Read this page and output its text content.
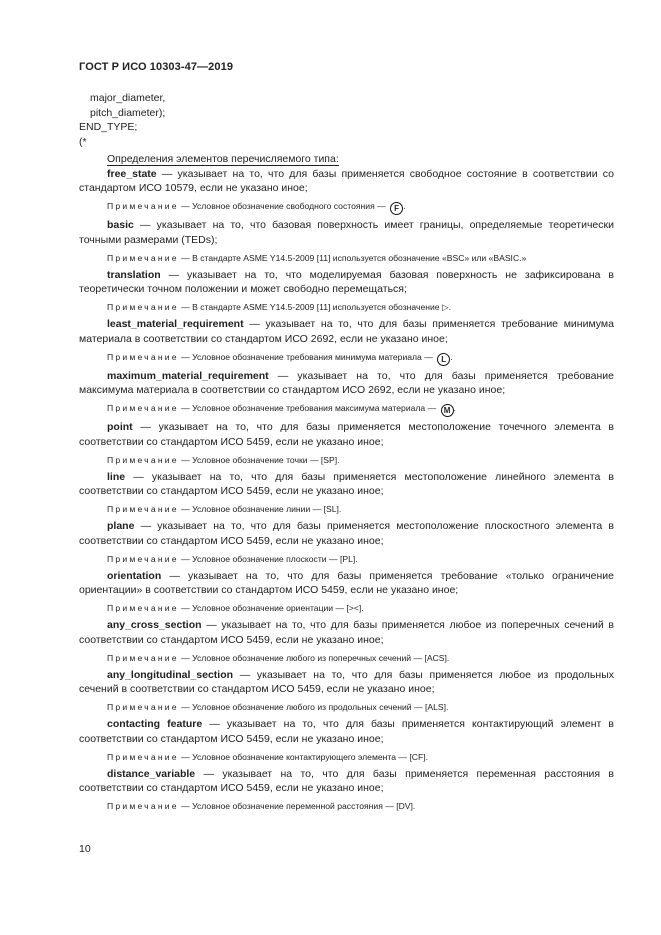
ГОСТ Р ИСО 10303-47—2019
major_diameter,
pitch_diameter);
END_TYPE;
(*

Определения элементов перечисляемого типа:

free_state — указывает на то, что для базы применяется свободное состояние в соответствии со стандартом ИСО 10579, если не указано иное;

Примечание — Условное обозначение свободного состояния — F .

basic — указывает на то, что базовая поверхность имеет границы, определяемые теоретически точными размерами (TEDs);

Примечание — В стандарте ASME Y14.5-2009 [11] используется обозначение «BSC» или «BASIC.»

translation — указывает на то, что моделируемая базовая поверхность не зафиксирована в теоретически точном положении и может свободно перемещаться;

Примечание — В стандарте ASME Y14.5-2009 [11] используется обозначение ▷.

least_material_requirement — указывает на то, что для базы применяется требование минимума материала в соответствии со стандартом ИСО 2692, если не указано иное;

Примечание — Условное обозначение требования минимума материала — L .

maximum_material_requirement — указывает на то, что для базы применяется требование максимума материала в соответствии со стандартом ИСО 2692, если не указано иное;

Примечание — Условное обозначение требования максимума материала — M .

point — указывает на то, что для базы применяется местоположение точечного элемента в соответствии со стандартом ИСО 5459, если не указано иное;

Примечание — Условное обозначение точки — [SP].

line — указывает на то, что для базы применяется местоположение линейного элемента в соответствии со стандартом ИСО 5459, если не указано иное;

Примечание — Условное обозначение линии — [SL].

plane — указывает на то, что для базы применяется местоположение плоскостного элемента в соответствии со стандартом ИСО 5459, если не указано иное;

Примечание — Условное обозначение плоскости — [PL].

orientation — указывает на то, что для базы применяется требование «только ограничение ориентации» в соответствии со стандартом ИСО 5459, если не указано иное;

Примечание — Условное обозначение ориентации — [><].

any_cross_section — указывает на то, что для базы применяется любое из поперечных сечений в соответствии со стандартом ИСО 5459, если не указано иное;

Примечание — Условное обозначение любого из поперечных сечений — [ACS].

any_longitudinal_section — указывает на то, что для базы применяется любое из продольных сечений в соответствии со стандартом ИСО 5459, если не указано иное;

Примечание — Условное обозначение любого из продольных сечений — [ALS].

contacting feature — указывает на то, что для базы применяется контактирующий элемент в соответствии со стандартом ИСО 5459, если не указано иное;

Примечание — Условное обозначение контактирующего элемента — [CF].

distance_variable — указывает на то, что для базы применяется переменная расстояния в соответствии со стандартом ИСО 5459, если не указано иное;

Примечание — Условное обозначение переменной расстояния — [DV].

10
